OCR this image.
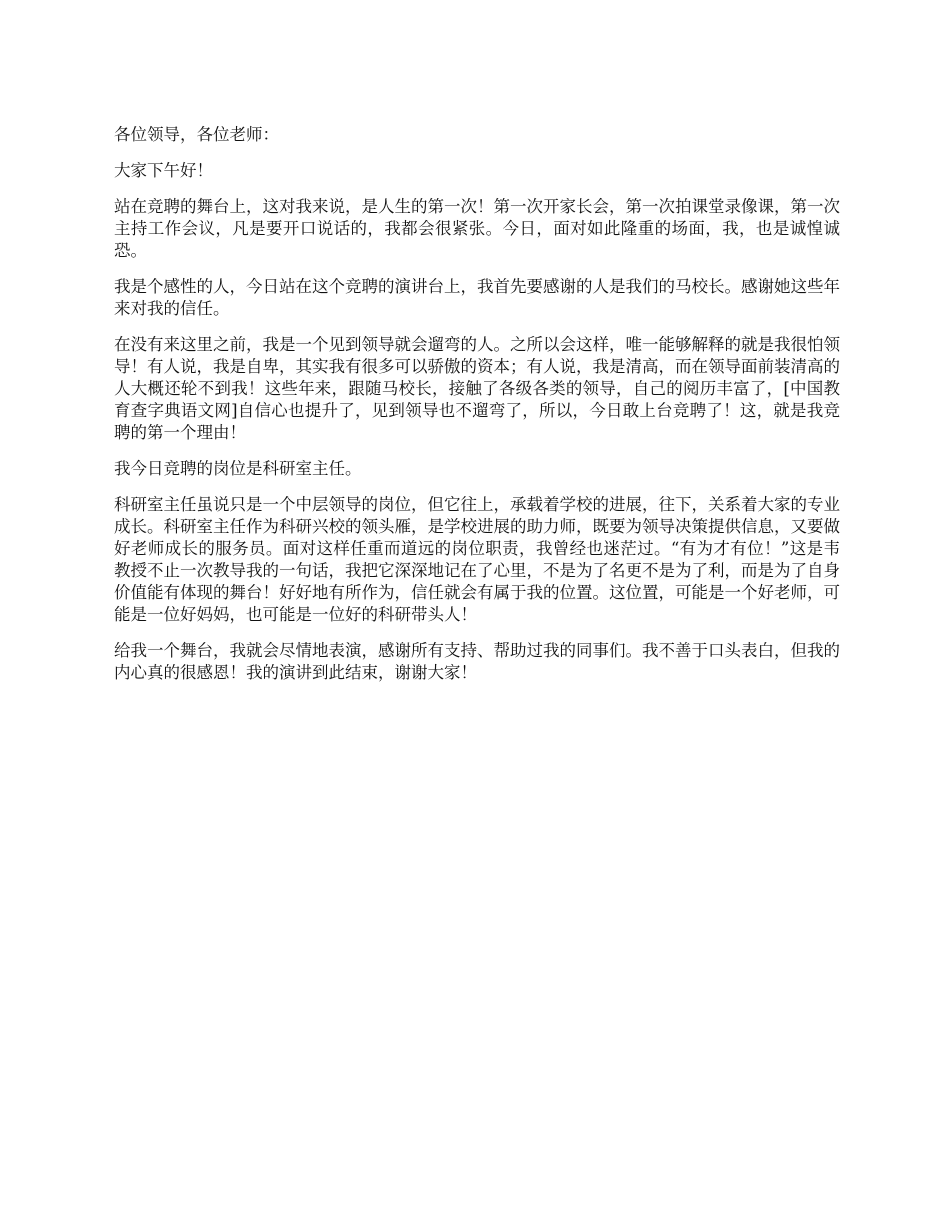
各位领导，各位老师：

大家下午好！

站在竞聘的舞台上，这对我来说，是人生的第一次！第一次开家长会，第一次拍课堂录像课，第一次主持工作会议，凡是要开口说话的，我都会很紧张。今日，面对如此隆重的场面，我，也是诚惶诚恐。

我是个感性的人，今日站在这个竞聘的演讲台上，我首先要感谢的人是我们的马校长。感谢她这些年来对我的信任。

在没有来这里之前，我是一个见到领导就会遛弯的人。之所以会这样，唯一能够解释的就是我很怕领导！有人说，我是自卑，其实我有很多可以骄傲的资本；有人说，我是清高，而在领导面前装清高的人大概还轮不到我！这些年来，跟随马校长，接触了各级各类的领导，自己的阅历丰富了，[中国教育查字典语文网]自信心也提升了，见到领导也不遛弯了，所以，今日敢上台竞聘了！这，就是我竞聘的第一个理由！

我今日竞聘的岗位是科研室主任。

科研室主任虽说只是一个中层领导的岗位，但它往上，承载着学校的进展，往下，关系着大家的专业成长。科研室主任作为科研兴校的领头雁，是学校进展的助力师，既要为领导决策提供信息，又要做好老师成长的服务员。面对这样任重而道远的岗位职责，我曾经也迷茫过。“有为才有位！”这是韦教授不止一次教导我的一句话，我把它深深地记在了心里，不是为了名更不是为了利，而是为了自身价值能有体现的舞台！好好地有所作为，信任就会有属于我的位置。这位置，可能是一个好老师，可能是一位好妈妈，也可能是一位好的科研带头人！

给我一个舞台，我就会尽情地表演，感谢所有支持、帮助过我的同事们。我不善于口头表白，但我的内心真的很感恩！我的演讲到此结束，谢谢大家！
